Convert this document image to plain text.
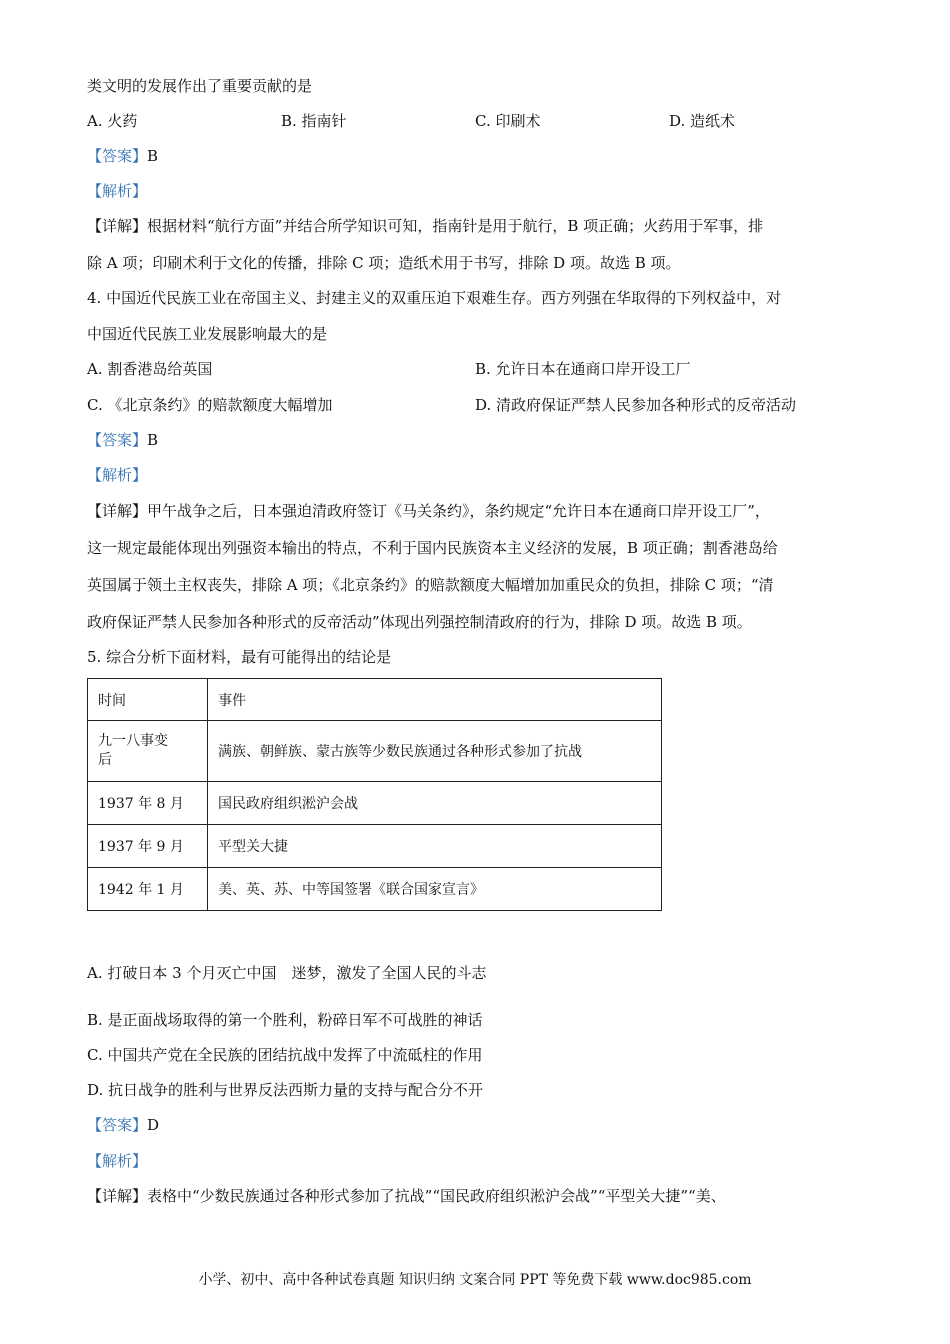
类文明的发展作出了重要贡献的是
A. 火药	B. 指南针	C. 印刷术	D. 造纸术
【答案】B
【解析】
【详解】根据材料“航行方面”并结合所学知识可知，指南针是用于航行，B 项正确；火药用于军事，排
除 A 项；印刷术利于文化的传播，排除 C 项；造纸术用于书写，排除 D 项。故选 B 项。
4. 中国近代民族工业在帝国主义、封建主义的双重压迫下艰难生存。西方列强在华取得的下列权益中，对
中国近代民族工业发展影响最大的是
A. 割香港岛给英国	B. 允许日本在通商口岸开设工厂
C. 《北京条约》的赔款额度大幅增加	D. 清政府保证严禁人民参加各种形式的反帝活动
【答案】B
【解析】
【详解】甲午战争之后，日本强迫清政府签订《马关条约》，条约规定“允许日本在通商口岸开设工厂”，
这一规定最能体现出列强资本输出的特点，不利于国内民族资本主义经济的发展，B 项正确；割香港岛给
英国属于领土主权丧失，排除 A 项；《北京条约》的赔款额度大幅增加加重民众的负担，排除 C 项；“清
政府保证严禁人民参加各种形式的反帝活动”体现出列强控制清政府的行为，排除 D 项。故选 B 项。
5. 综合分析下面材料，最有可能得出的结论是
时间	事件
九一八事变
后	满族、朝鲜族、蒙古族等少数民族通过各种形式参加了抗战
1937 年 8 月	国民政府组织淞沪会战
1937 年 9 月	平型关大捷
1942 年 1 月	美、英、苏、中等国签署《联合国家宣言》
A. 打破日本 3 个月灭亡中国　迷梦，激发了全国人民的斗志
B. 是正面战场取得的第一个胜利，粉碎日军不可战胜的神话
C. 中国共产党在全民族的团结抗战中发挥了中流砥柱的作用
D. 抗日战争的胜利与世界反法西斯力量的支持与配合分不开
【答案】D
【解析】
【详解】表格中“少数民族通过各种形式参加了抗战”“国民政府组织淞沪会战”“平型关大捷”“美、
小学、初中、高中各种试卷真题 知识归纳 文案合同 PPT 等免费下载 www.doc985.com
